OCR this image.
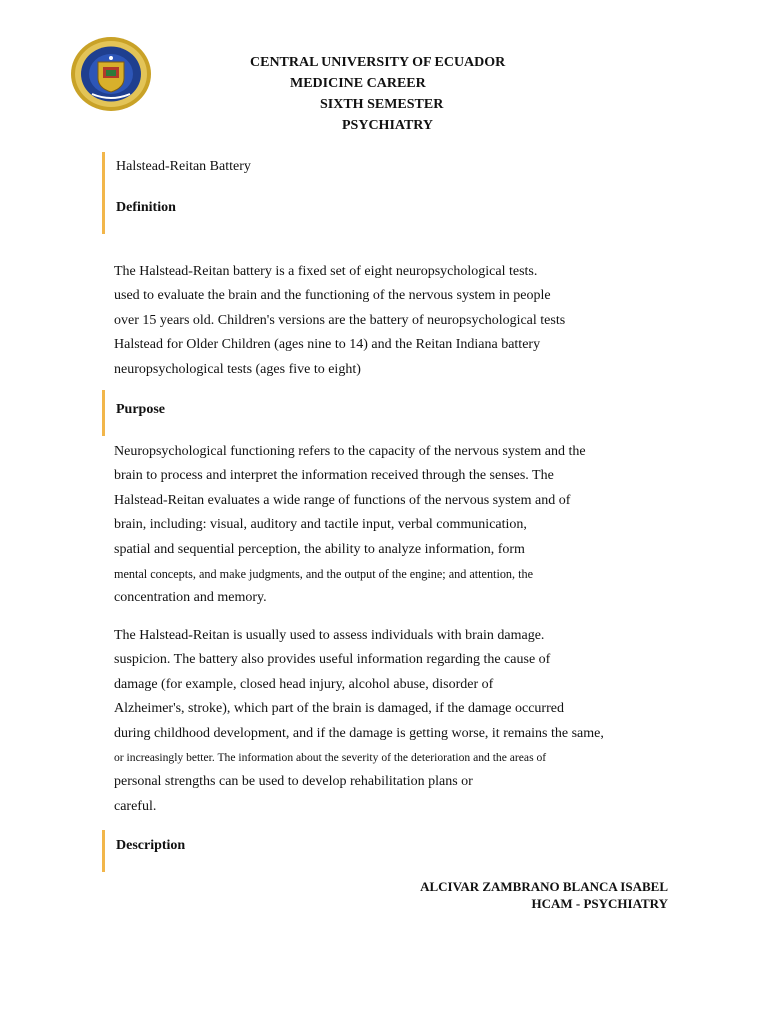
CENTRAL UNIVERSITY OF ECUADOR
MEDICINE CAREER
SIXTH SEMESTER
PSYCHIATRY
Halstead-Reitan Battery
Definition
The Halstead-Reitan battery is a fixed set of eight neuropsychological tests.
used to evaluate the brain and the functioning of the nervous system in people
over 15 years old. Children's versions are the battery of neuropsychological tests
Halstead for Older Children (ages nine to 14) and the Reitan Indiana battery
neuropsychological tests (ages five to eight)
Purpose
Neuropsychological functioning refers to the capacity of the nervous system and the
brain to process and interpret the information received through the senses. The
Halstead-Reitan evaluates a wide range of functions of the nervous system and of
brain, including: visual, auditory and tactile input, verbal communication,
spatial and sequential perception, the ability to analyze information, form
mental concepts, and make judgments, and the output of the engine; and attention, the
concentration and memory.
The Halstead-Reitan is usually used to assess individuals with brain damage.
suspicion. The battery also provides useful information regarding the cause of
damage (for example, closed head injury, alcohol abuse, disorder of
Alzheimer's, stroke), which part of the brain is damaged, if the damage occurred
during childhood development, and if the damage is getting worse, it remains the same,
or increasingly better. The information about the severity of the deterioration and the areas of
personal strengths can be used to develop rehabilitation plans or
careful.
Description
ALCIVAR ZAMBRANO BLANCA ISABEL
HCAM - PSYCHIATRY
